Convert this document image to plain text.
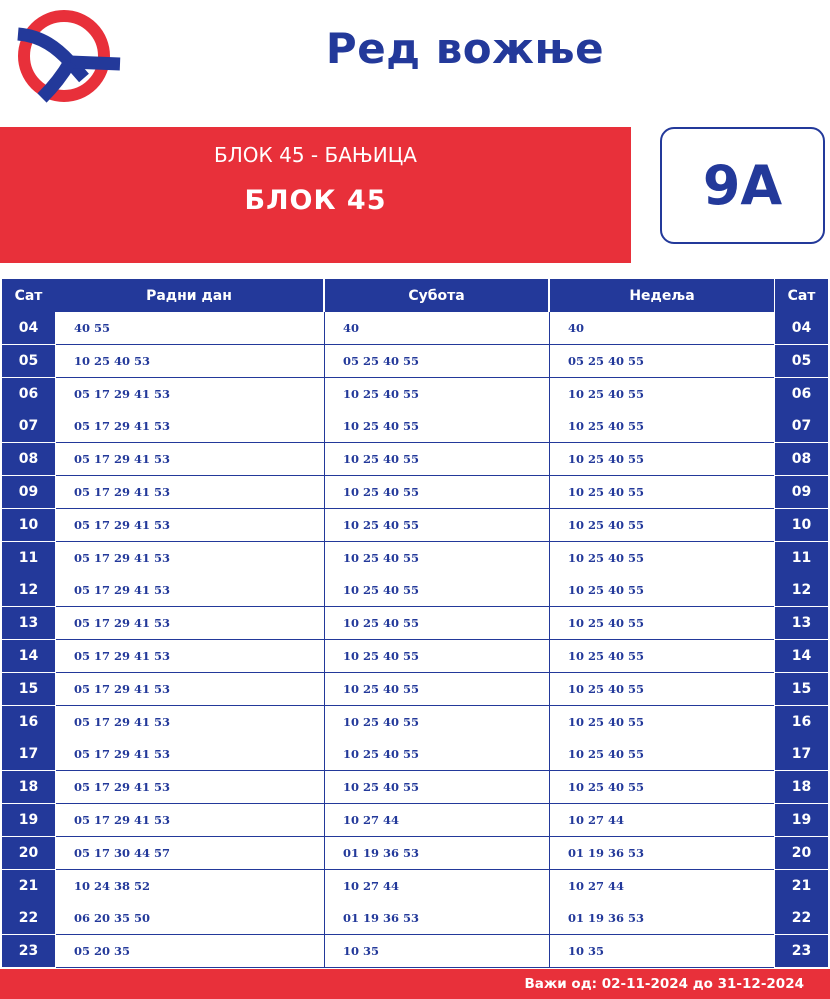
Ред вожње
БЛОК 45 - БАЊИЦА
БЛОК 45	9A
Сат	Радни дан	Субота	Недеља	Сат
04	40 55	40	40	04
05	10 25 40 53	05 25 40 55	05 25 40 55	05
06	05 17 29 41 53	10 25 40 55	10 25 40 55	06
07	05 17 29 41 53	10 25 40 55	10 25 40 55	07
08	05 17 29 41 53	10 25 40 55	10 25 40 55	08
09	05 17 29 41 53	10 25 40 55	10 25 40 55	09
10	05 17 29 41 53	10 25 40 55	10 25 40 55	10
11	05 17 29 41 53	10 25 40 55	10 25 40 55	11
12	05 17 29 41 53	10 25 40 55	10 25 40 55	12
13	05 17 29 41 53	10 25 40 55	10 25 40 55	13
14	05 17 29 41 53	10 25 40 55	10 25 40 55	14
15	05 17 29 41 53	10 25 40 55	10 25 40 55	15
16	05 17 29 41 53	10 25 40 55	10 25 40 55	16
17	05 17 29 41 53	10 25 40 55	10 25 40 55	17
18	05 17 29 41 53	10 25 40 55	10 25 40 55	18
19	05 17 29 41 53	10 27 44	10 27 44	19
20	05 17 30 44 57	01 19 36 53	01 19 36 53	20
21	10 24 38 52	10 27 44	10 27 44	21
22	06 20 35 50	01 19 36 53	01 19 36 53	22
23	05 20 35	10 35	10 35	23
Важи од: 02-11-2024 до 31-12-2024
